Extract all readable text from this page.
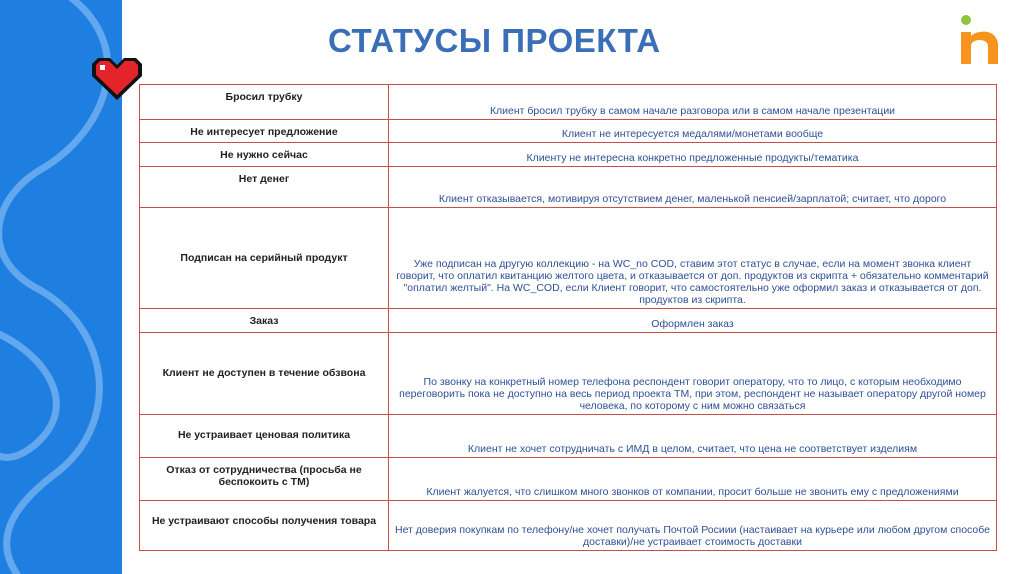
СТАТУСЫ ПРОЕКТА
Бросил трубку	Клиент бросил трубку в самом начале разговора или в самом начале презентации
Не интересует предложение	Клиент не интересуется медалями/монетами вообще
Не нужно сейчас	Клиенту не интересна конкретно предложенные продукты/тематика
Нет денег	Клиент отказывается, мотивируя отсутствием денег, маленькой пенсией/зарплатой; считает, что дорого
Подписан на серийный продукт	Уже подписан на другую коллекцию - на WC_no COD, ставим этот статус в случае, если на момент звонка клиент говорит, что оплатил квитанцию желтого цвета, и отказывается от доп. продуктов из скрипта + обязательно комментарий "оплатил желтый". На WC_COD, если Клиент говорит, что самостоятельно уже оформил заказ и отказывается от доп. продуктов из скрипта.
Заказ	Оформлен заказ
Клиент не доступен в течение обзвона	По звонку на конкретный номер телефона респондент говорит оператору, что то лицо, с которым необходимо переговорить пока не доступно на весь период проекта ТМ, при этом, респондент не называет оператору другой номер человека, по которому с ним можно связаться
Не устраивает ценовая политика	Клиент не хочет сотрудничать с ИМД в целом, считает, что цена не соответствует изделиям
Отказ от сотрудничества (просьба не беспокоить с ТМ)	Клиент жалуется, что слишком много звонков от компании, просит больше не звонить ему с предложениями
Не устраивают способы получения товара	Нет доверия покупкам по телефону/не хочет получать Почтой Росиии (настаивает на курьере или любом другом способе доставки)/не устраивает стоимость доставки
